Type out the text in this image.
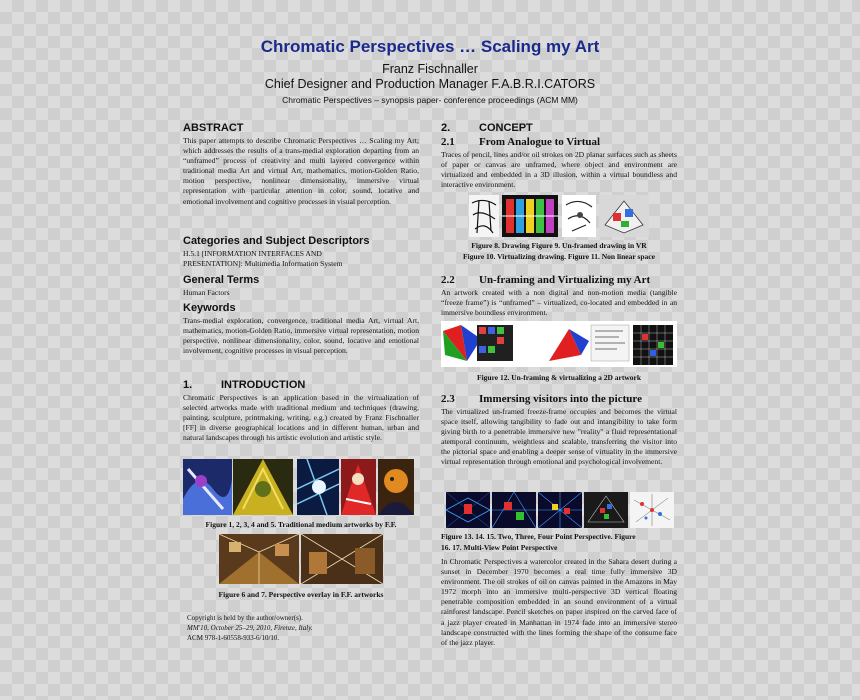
Chromatic Perspectives … Scaling my Art
Franz Fischnaller
Chief Designer and Production Manager F.A.B.R.I.CATORS
Chromatic Perspectives – synopsis paper- conference proceedings (ACM MM)
ABSTRACT
This paper attempts to describe Chromatic Perspectives … Scaling my Art; which addresses the results of a trans-medial exploration departing from an “unframed” process of creativity and multi layered convergence within traditional media Art and virtual Art, mathematics, motion-Golden Ratio, motion perspective, nonlinear dimensionality, immersive virtual representation with particular attention in color, sound, locative and emotional involvement and cognitive processes in visual perception.
Categories and Subject Descriptors
H.5.1 [INFORMATION INTERFACES AND
PRESENTATION]: Multimedia Information System
General Terms
Human Factors
Keywords
Trans-medial exploration, convergence, traditional media Art, virtual Art, mathematics, motion-Golden Ratio, immersive virtual representation, motion perspective, nonlinear dimensionality, color, sound, locative and emotional involvement, cognitive processes in visual perception.
1.	INTRODUCTION
Chromatic Perspectives is an application based in the virtualization of selected artworks made with traditional medium and techniques (drawing, painting, sculpture, printmaking, writing, e.g.) created by Franz Fischnaller [FF] in diverse geographical locations and in different human, urban and natural landscapes through his artistic evolution and artistic style.
Figure 1, 2, 3, 4 and 5. Traditional medium artworks by F.F.
Figure 6 and 7. Perspective overlay in F.F. artworks
Copyright is held by the author/owner(s).
MM'10, October 25–29, 2010, Firenze, Italy.
ACM 978-1-60558-933-6/10/10.
2.	CONCEPT
2.1 From Analogue to Virtual
Traces of pencil, lines and/or oil strokes on 2D planar surfaces such as sheets of paper or canvas are unframed, where object and environment are virtualized and embedded in a 3D illusion, within a virtual boundless and interactive environment.
Figure 8. Drawing Figure 9. Un-framed drawing in VR
Figure 10. Virtualizing drawing. Figure 11. Non linear space
2.2 Un-framing and Virtualizing my Art
An artwork created with a non digital and non-motion media (tangible “freeze frame”) is “unframed” – virtualized, co-located and embedded in an immersive boundless environment.
Figure 12. Un-framing & virtualizing a 2D artwork
2.3 Immersing visitors into the picture
The virtualized un-framed freeze-frame occupies and becomes the virtual space itself, allowing tangibility to fade out and intangibility to take form giving birth to a penetrable immersive new "reality" a fluid representational atemporal continuum, weightless and scalable, transferring the visitor into the pictorial space and enabling a deeper sense of virtuality in the immersive virtual representation through emotional and psychological involvement.
Figure 13. 14. 15. Two, Three, Four Point Perspective. Figure
16. 17. Multi-View Point Perspective
In Chromatic Perspectives a watercolor created in the Sahara desert during a sunset in December 1970 becomes a real time fully immersive 3D environment. The oil strokes of oil on canvas painted in the Amazons in May 1972 morph into an immersive multi-perspective 3D vertical floating penetrable composition embedded in an sound environment of a virtual rainforest landscape. Pencil sketches on paper inspired on the carved face of a jazz player created in Manhattan in 1974 fade into an immersive stereo landscape constructed with the lines forming the shape of the consume face of the jazz player.
